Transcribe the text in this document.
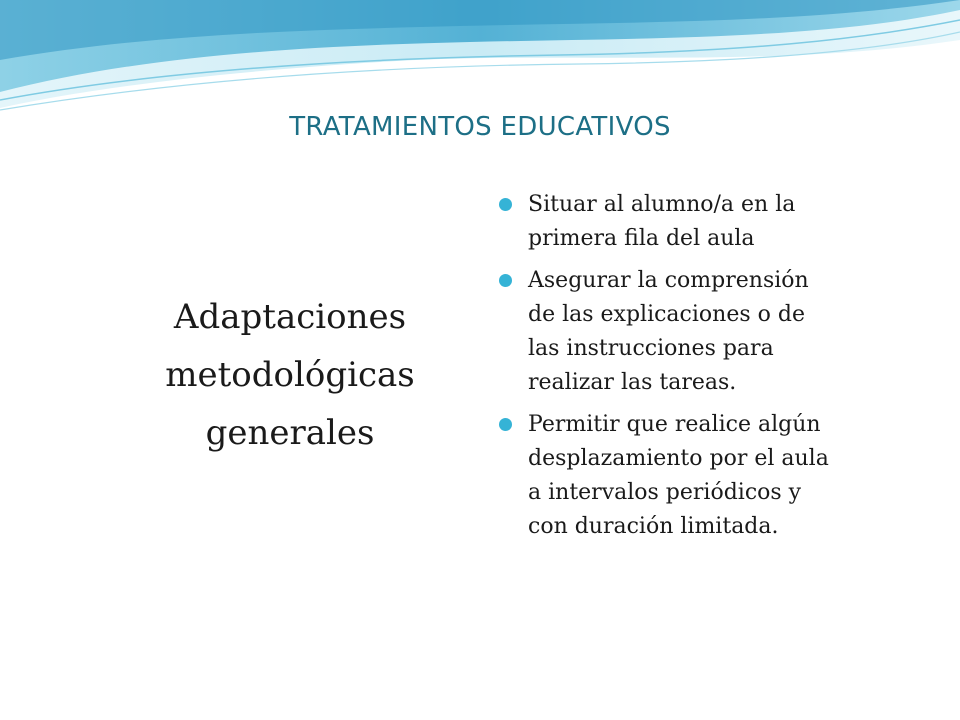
TRATAMIENTOS EDUCATIVOS
Adaptaciones
metodológicas
generales
Situar al alumno/a en la
primera fila del aula
Asegurar la comprensión
de las explicaciones o de
las instrucciones para
realizar las tareas.
Permitir que realice algún
desplazamiento por el aula
a intervalos periódicos y
con duración limitada.
